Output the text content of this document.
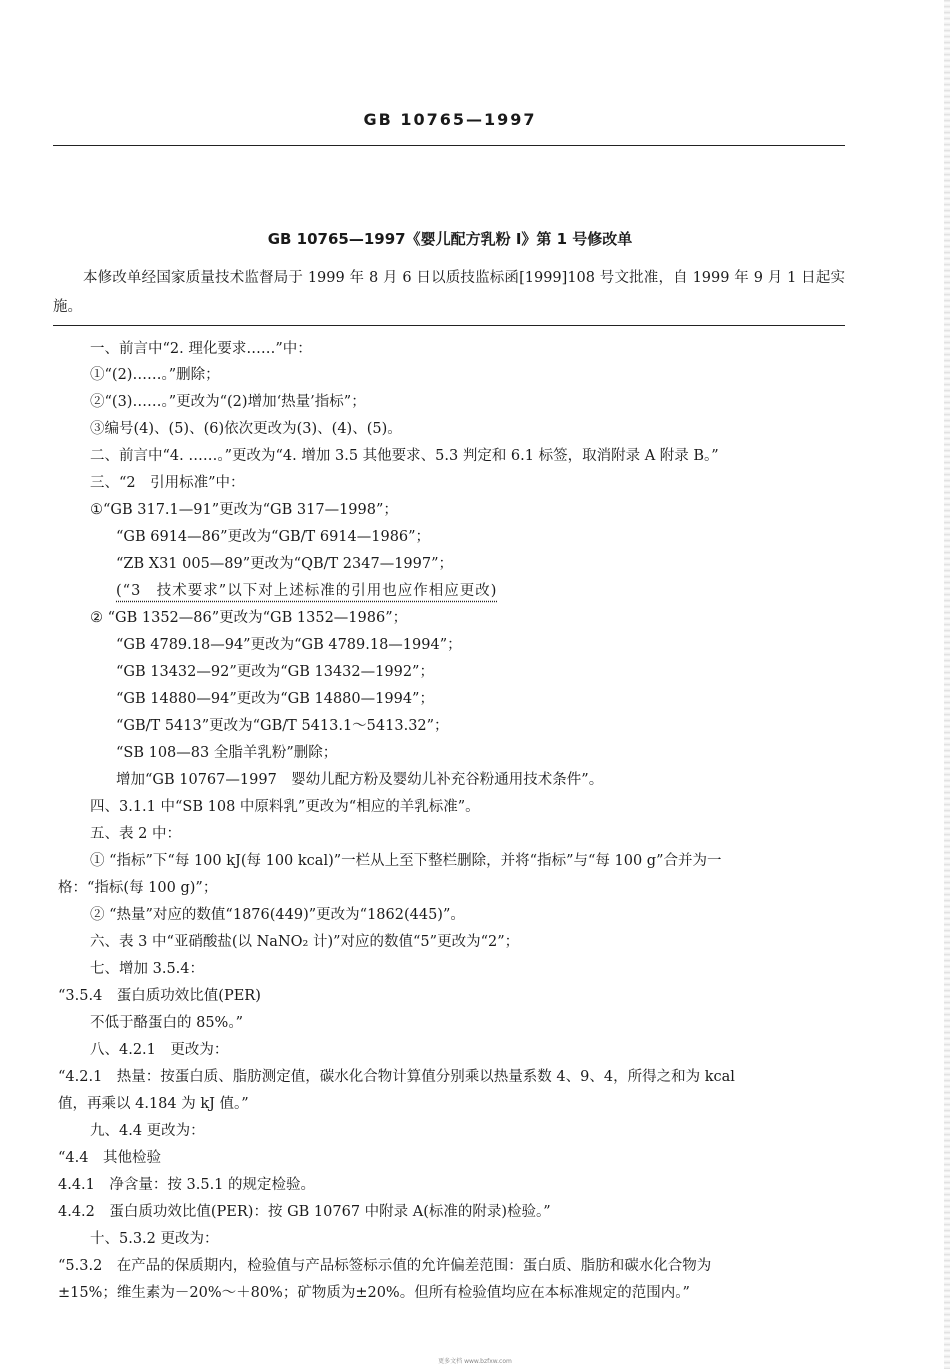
GB 10765—1997
GB 10765—1997《婴儿配方乳粉 I》第 1 号修改单
本修改单经国家质量技术监督局于 1999 年 8 月 6 日以质技监标函[1999]108 号文批准，自 1999 年 9 月 1 日起实施。
一、前言中“2. 理化要求……”中：
①“(2)……。”删除；
②“(3)……。”更改为“(2)增加‘热量’指标”；
③编号(4)、(5)、(6)依次更改为(3)、(4)、(5)。
二、前言中“4. ……。”更改为“4. 增加 3.5 其他要求、5.3 判定和 6.1 标签，取消附录 A 附录 B。”
三、“2　引用标准”中：
①“GB 317.1—91”更改为“GB 317—1998”；
“GB 6914—86”更改为“GB/T 6914—1986”；
“ZB X31 005—89”更改为“QB/T 2347—1997”；
(“3　技术要求”以下对上述标准的引用也应作相应更改)
② “GB 1352—86”更改为“GB 1352—1986”；
“GB 4789.18—94”更改为“GB 4789.18—1994”；
“GB 13432—92”更改为“GB 13432—1992”；
“GB 14880—94”更改为“GB 14880—1994”；
“GB/T 5413”更改为“GB/T 5413.1～5413.32”；
“SB 108—83 全脂羊乳粉”删除；
增加“GB 10767—1997　婴幼儿配方粉及婴幼儿补充谷粉通用技术条件”。
四、3.1.1 中“SB 108 中原料乳”更改为“相应的羊乳标准”。
五、表 2 中：
① “指标”下“每 100 kJ(每 100 kcal)”一栏从上至下整栏删除，并将“指标”与“每 100 g”合并为一
格：“指标(每 100 g)”；
② “热量”对应的数值“1876(449)”更改为“1862(445)”。
六、表 3 中“亚硝酸盐(以 NaNO₂ 计)”对应的数值“5”更改为“2”；
七、增加 3.5.4：
“3.5.4　蛋白质功效比值(PER)
不低于酪蛋白的 85%。”
八、4.2.1　更改为：
“4.2.1　热量：按蛋白质、脂肪测定值，碳水化合物计算值分别乘以热量系数 4、9、4，所得之和为 kcal
值，再乘以 4.184 为 kJ 值。”
九、4.4 更改为：
“4.4　其他检验
4.4.1　净含量：按 3.5.1 的规定检验。
4.4.2　蛋白质功效比值(PER)：按 GB 10767 中附录 A(标准的附录)检验。”
十、5.3.2 更改为：
“5.3.2　在产品的保质期内，检验值与产品标签标示值的允许偏差范围：蛋白质、脂肪和碳水化合物为
±15%；维生素为－20%～＋80%；矿物质为±20%。但所有检验值均应在本标准规定的范围内。”
更多文档 www.bzfxw.com
